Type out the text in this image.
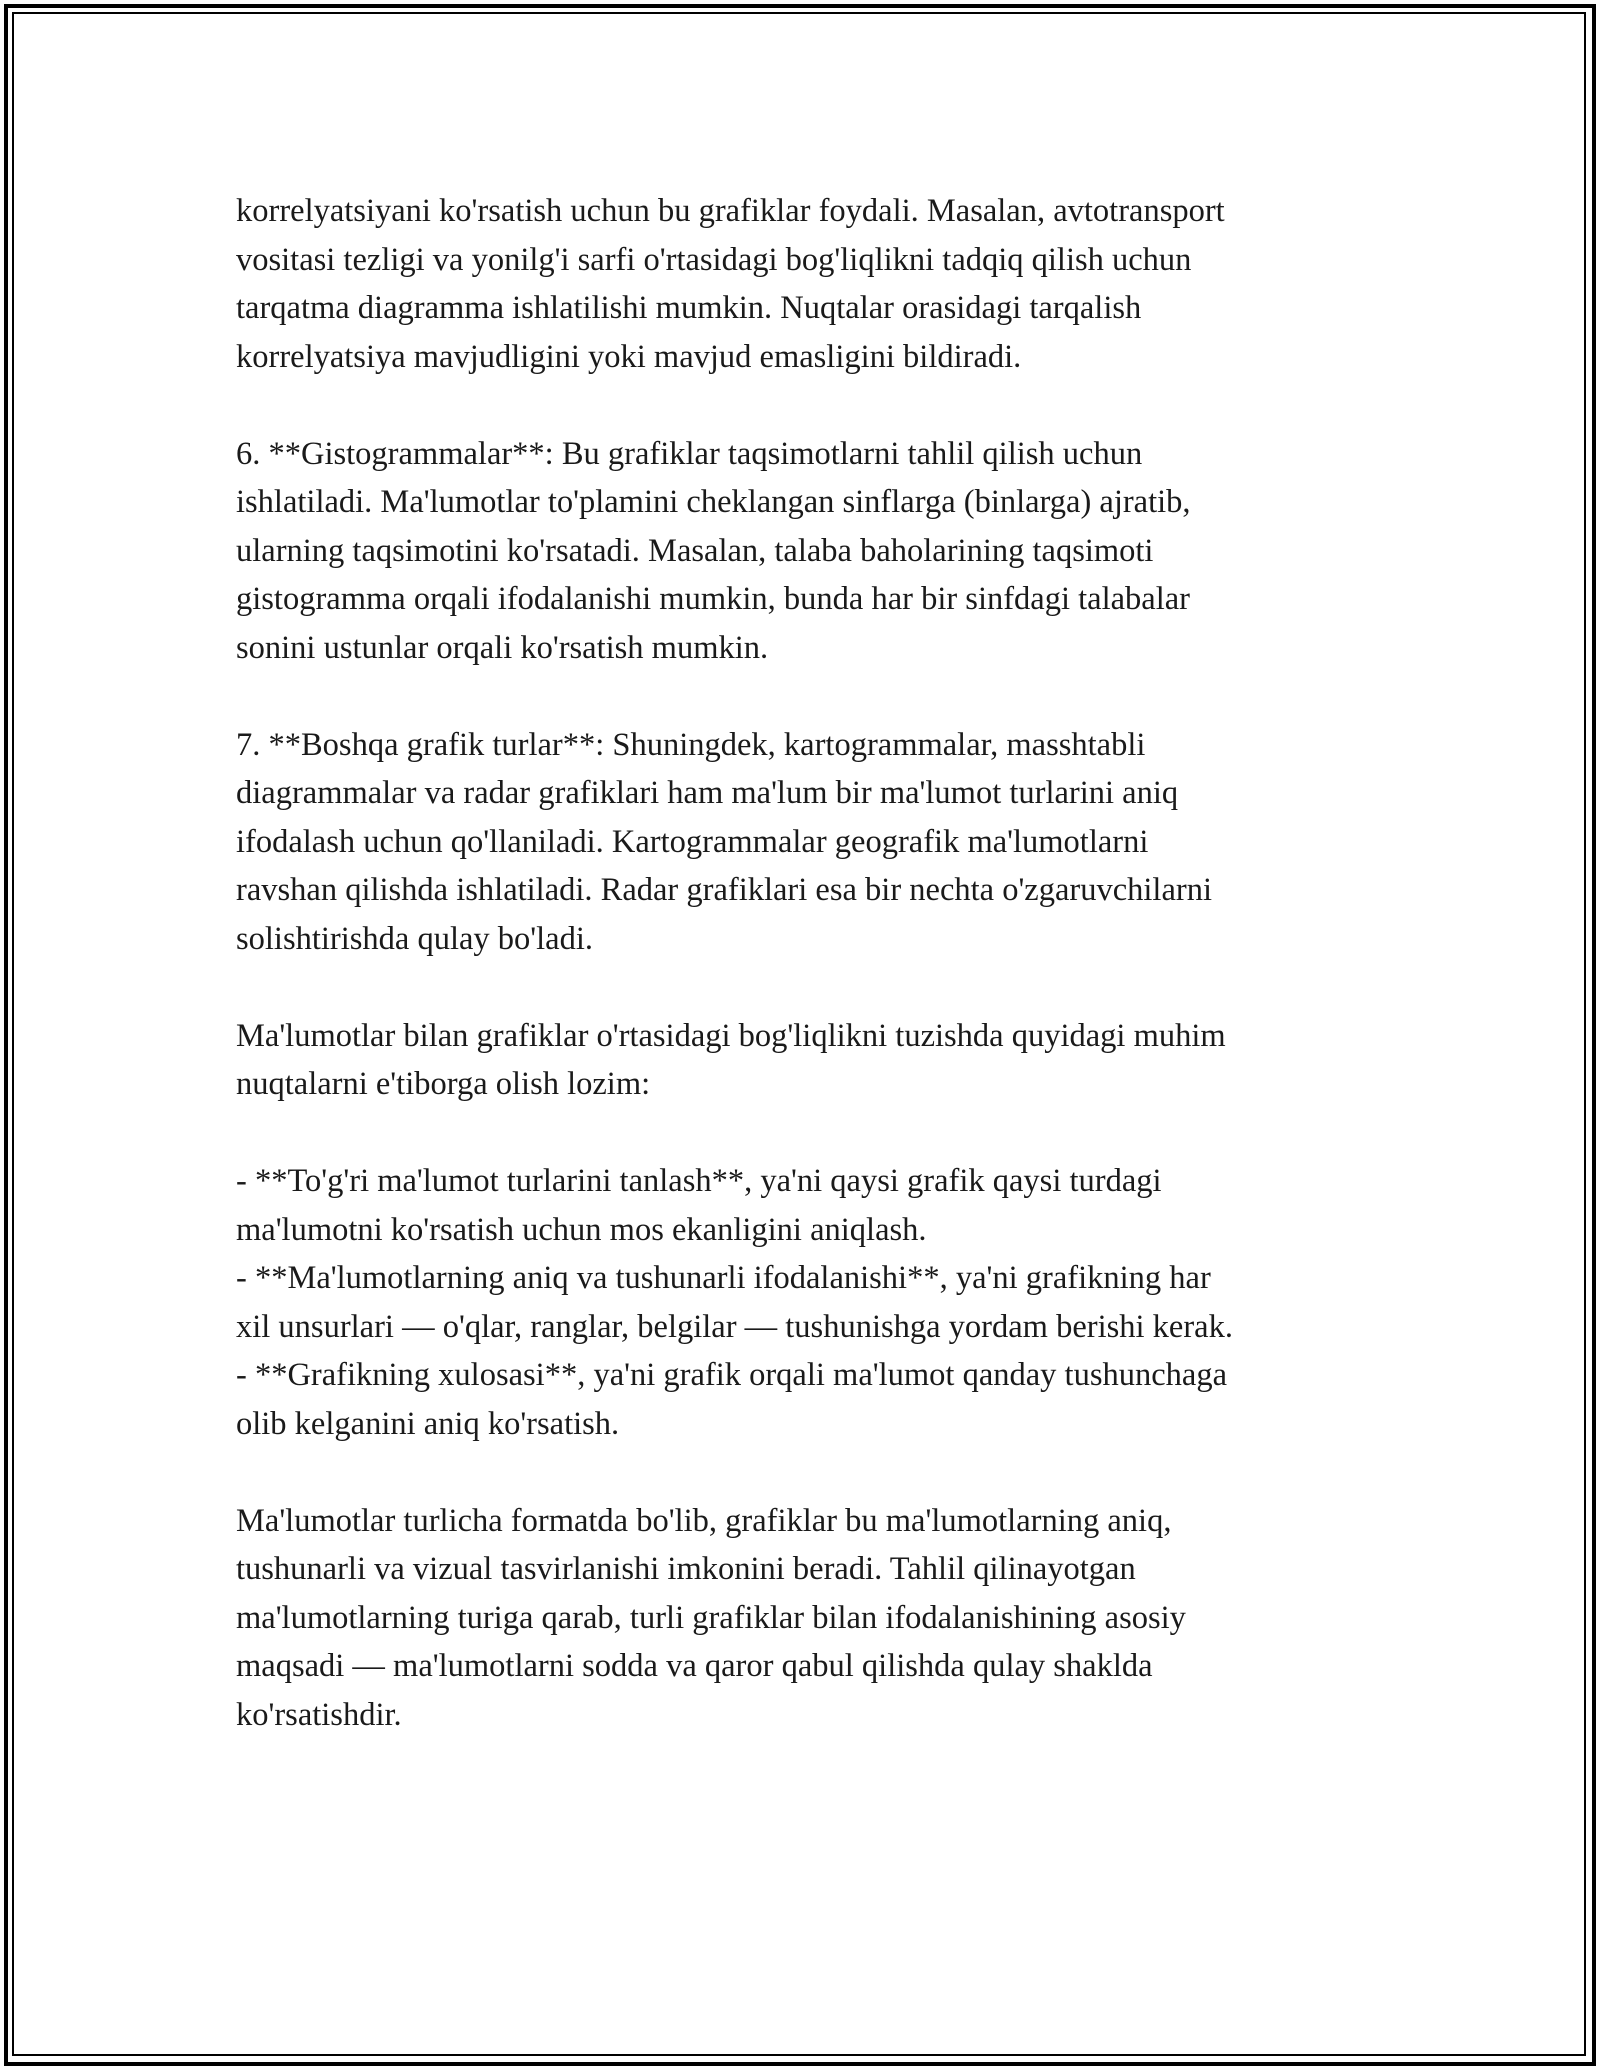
korrelyatsiyani ko'rsatish uchun bu grafiklar foydali. Masalan, avtotransport
vositasi tezligi va yonilg'i sarfi o'rtasidagi bog'liqlikni tadqiq qilish uchun
tarqatma diagramma ishlatilishi mumkin. Nuqtalar orasidagi tarqalish
korrelyatsiya mavjudligini yoki mavjud emasligini bildiradi.
6. **Gistogrammalar**: Bu grafiklar taqsimotlarni tahlil qilish uchun
ishlatiladi. Ma'lumotlar to'plamini cheklangan sinflarga (binlarga) ajratib,
ularning taqsimotini ko'rsatadi. Masalan, talaba baholarining taqsimoti
gistogramma orqali ifodalanishi mumkin, bunda har bir sinfdagi talabalar
sonini ustunlar orqali ko'rsatish mumkin.
7. **Boshqa grafik turlar**: Shuningdek, kartogrammalar, masshtabli
diagrammalar va radar grafiklari ham ma'lum bir ma'lumot turlarini aniq
ifodalash uchun qo'llaniladi. Kartogrammalar geografik ma'lumotlarni
ravshan qilishda ishlatiladi. Radar grafiklari esa bir nechta o'zgaruvchilarni
solishtirishda qulay bo'ladi.
Ma'lumotlar bilan grafiklar o'rtasidagi bog'liqlikni tuzishda quyidagi muhim
nuqtalarni e'tiborga olish lozim:
- **To'g'ri ma'lumot turlarini tanlash**, ya'ni qaysi grafik qaysi turdagi
ma'lumotni ko'rsatish uchun mos ekanligini aniqlash.
- **Ma'lumotlarning aniq va tushunarli ifodalanishi**, ya'ni grafikning har
xil unsurlari — o'qlar, ranglar, belgilar — tushunishga yordam berishi kerak.
- **Grafikning xulosasi**, ya'ni grafik orqali ma'lumot qanday tushunchaga
olib kelganini aniq ko'rsatish.
Ma'lumotlar turlicha formatda bo'lib, grafiklar bu ma'lumotlarning aniq,
tushunarli va vizual tasvirlanishi imkonini beradi. Tahlil qilinayotgan
ma'lumotlarning turiga qarab, turli grafiklar bilan ifodalanishining asosiy
maqsadi — ma'lumotlarni sodda va qaror qabul qilishda qulay shaklda
ko'rsatishdir.
